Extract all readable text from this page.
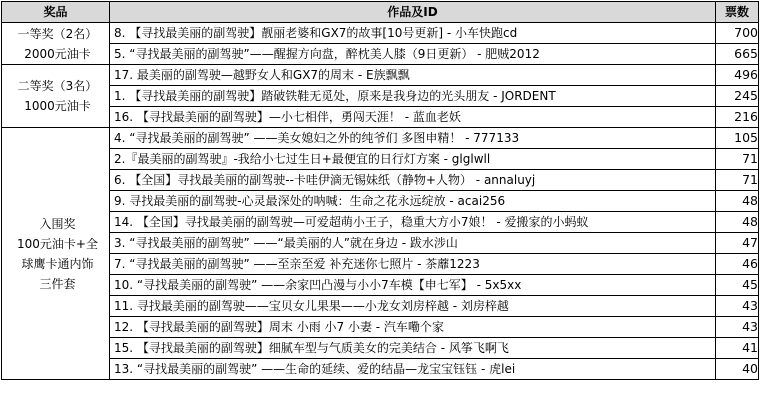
奖品	作品及ID	票数

一等奖（2名）
2000元油卡	8. 【寻找最美丽的副驾驶】靓丽老婆和GX7的故事[10号更新] - 小车快跑cd	700
	5. “寻找最美丽的副驾驶”——醒握方向盘，醉枕美人膝（9日更新） - 肥贼2012	665

二等奖（3名）
1000元油卡	17. 最美丽的副驾驶—越野女人和GX7的周末 - E族飘飘	496
	1. 【寻找最美丽的副驾驶】踏破铁鞋无觅处，原来是我身边的光头朋友 - JORDENT	245
	16. 【寻找最美丽的副驾驶】—小七相伴，勇闯天涯！ - 蓝血老妖	216

入围奖
100元油卡+全
球鹰卡通内饰
三件套	4. “寻找最美丽的副驾驶” ——美女媳妇之外的纯爷们 多图申精！ - 777133	105
	2.『最美丽的副驾驶』-我给小七过生日+最便宜的日行灯方案 - glglwll	71
	6. 【全国】寻找最美丽的副驾驶--卡哇伊滴无锡妹纸（静物+人物） - annaluyj	71
	9. 寻找最美丽的副驾驶-心灵最深处的呐喊：生命之花永远绽放 - acai256	48
	14. 【全国】寻找最美丽的副驾驶—可爱超萌小王子，稳重大方小7娘！ - 爱搬家的小蚂蚁	48
	3. “寻找最美丽的副驾驶” ——“最美丽的人”就在身边 - 跋水涉山	47
	7. “寻找最美丽的副驾驶” ——至亲至爱 补充迷你七照片 - 茶蘼1223	46
	10. “寻找最美丽的副驾驶” ——余家凹凸漫与小小7车模【申七军】 - 5x5xx	45
	11. 寻找最美丽的副驾驶——宝贝女儿果果——小龙女刘房梓越 - 刘房梓越	43
	12. 【寻找最美丽的副驾驶】周末 小雨 小7 小妻 - 汽车嘞个家	43
	15. 【寻找最美丽的副驾驶】细腻车型与气质美女的完美结合 - 风筝飞啊飞	41
	13. “寻找最美丽的副驾驶” ——生命的延续、爱的结晶—龙宝宝钰钰 - 虎lei	40
